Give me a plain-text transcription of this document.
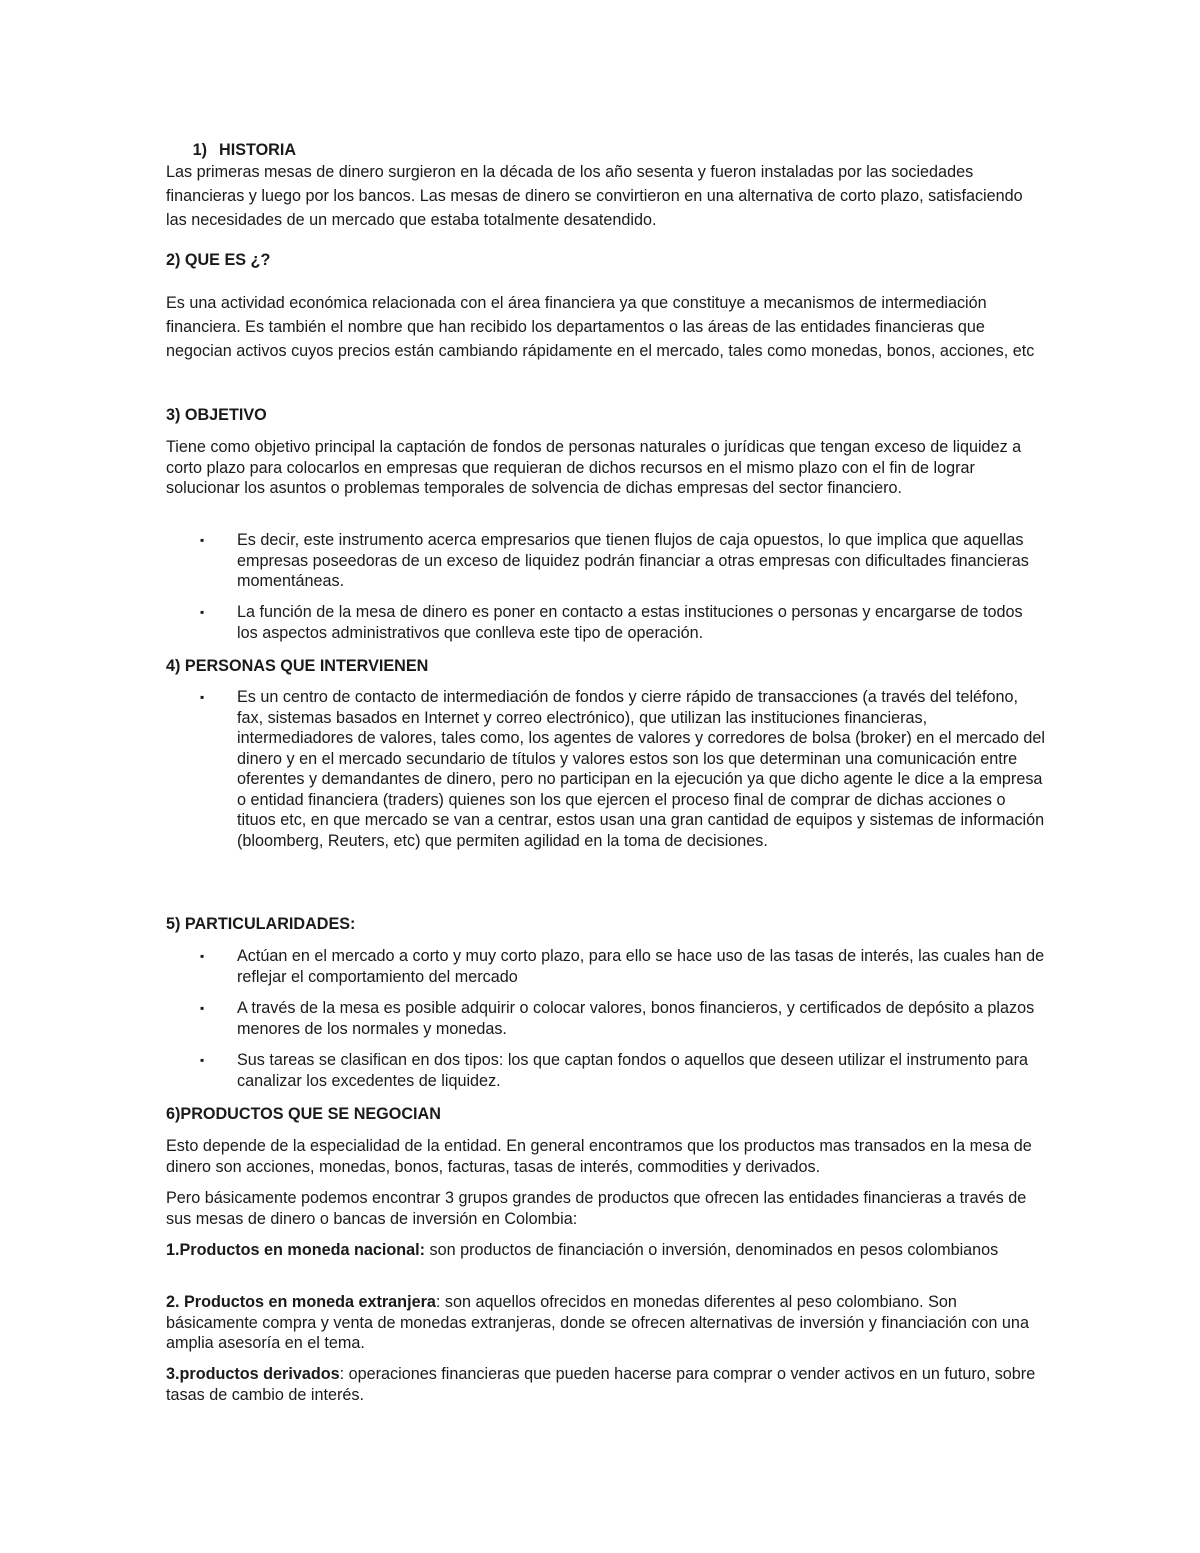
1) HISTORIA

Las primeras mesas de dinero surgieron en la década de los año sesenta y fueron instaladas por las sociedades financieras y luego por los bancos. Las mesas de dinero se convirtieron en una alternativa de corto plazo, satisfaciendo las necesidades de un mercado que estaba totalmente desatendido.

2) QUE ES ¿?

Es una actividad económica relacionada con el área financiera ya que constituye a mecanismos de intermediación financiera. Es también el nombre que han recibido los departamentos o las áreas de las entidades financieras que negocian activos cuyos precios están cambiando rápidamente en el mercado, tales como monedas, bonos, acciones, etc

3) OBJETIVO

Tiene como objetivo principal la captación de fondos de personas naturales o jurídicas que tengan exceso de liquidez a corto plazo para colocarlos en empresas que requieran de dichos recursos en el mismo plazo con el fin de lograr solucionar los asuntos o problemas temporales de solvencia de dichas empresas del sector financiero.

▪ Es decir, este instrumento acerca empresarios que tienen flujos de caja opuestos, lo que implica que aquellas empresas poseedoras de un exceso de liquidez podrán financiar a otras empresas con dificultades financieras momentáneas.
▪ La función de la mesa de dinero es poner en contacto a estas instituciones o personas y encargarse de todos los aspectos administrativos que conlleva este tipo de operación.
4) PERSONAS QUE INTERVIENEN
▪ Es un centro de contacto de intermediación de fondos y cierre rápido de transacciones (a través del teléfono, fax, sistemas basados en Internet y correo electrónico), que utilizan las instituciones financieras, intermediadores de valores, tales como, los agentes de valores y corredores de bolsa (broker) en el mercado del dinero y en el mercado secundario de títulos y valores estos son los que determinan una comunicación entre oferentes y demandantes de dinero, pero no participan en la ejecución ya que dicho agente le dice a la empresa o entidad financiera (traders) quienes son los que ejercen el proceso final de comprar de dichas acciones o tituos etc, en que mercado se van a centrar, estos usan una gran cantidad de equipos y sistemas de información (bloomberg, Reuters, etc) que permiten agilidad en la toma de decisiones.
5) PARTICULARIDADES:
▪ Actúan en el mercado a corto y muy corto plazo, para ello se hace uso de las tasas de interés, las cuales han de reflejar el comportamiento del mercado
▪ A través de la mesa es posible adquirir o colocar valores, bonos financieros, y certificados de depósito a plazos menores de los normales y monedas.
▪ Sus tareas se clasifican en dos tipos: los que captan fondos o aquellos que deseen utilizar el instrumento para canalizar los excedentes de liquidez.
6)PRODUCTOS QUE SE NEGOCIAN

Esto depende de la especialidad de la entidad. En general encontramos que los productos mas transados en la mesa de dinero son acciones, monedas, bonos, facturas, tasas de interés, commodities y derivados.

Pero básicamente podemos encontrar 3 grupos grandes de productos que ofrecen las entidades financieras a través de sus mesas de dinero o bancas de inversión en Colombia:

1.Productos en moneda nacional: son productos de financiación o inversión, denominados en pesos colombianos

2. Productos en moneda extranjera: son aquellos ofrecidos en monedas diferentes al peso colombiano. Son básicamente compra y venta de monedas extranjeras, donde se ofrecen alternativas de inversión y financiación con una amplia asesoría en el tema.

3.productos derivados: operaciones financieras que pueden hacerse para comprar o vender activos en un futuro, sobre tasas de cambio de interés.
